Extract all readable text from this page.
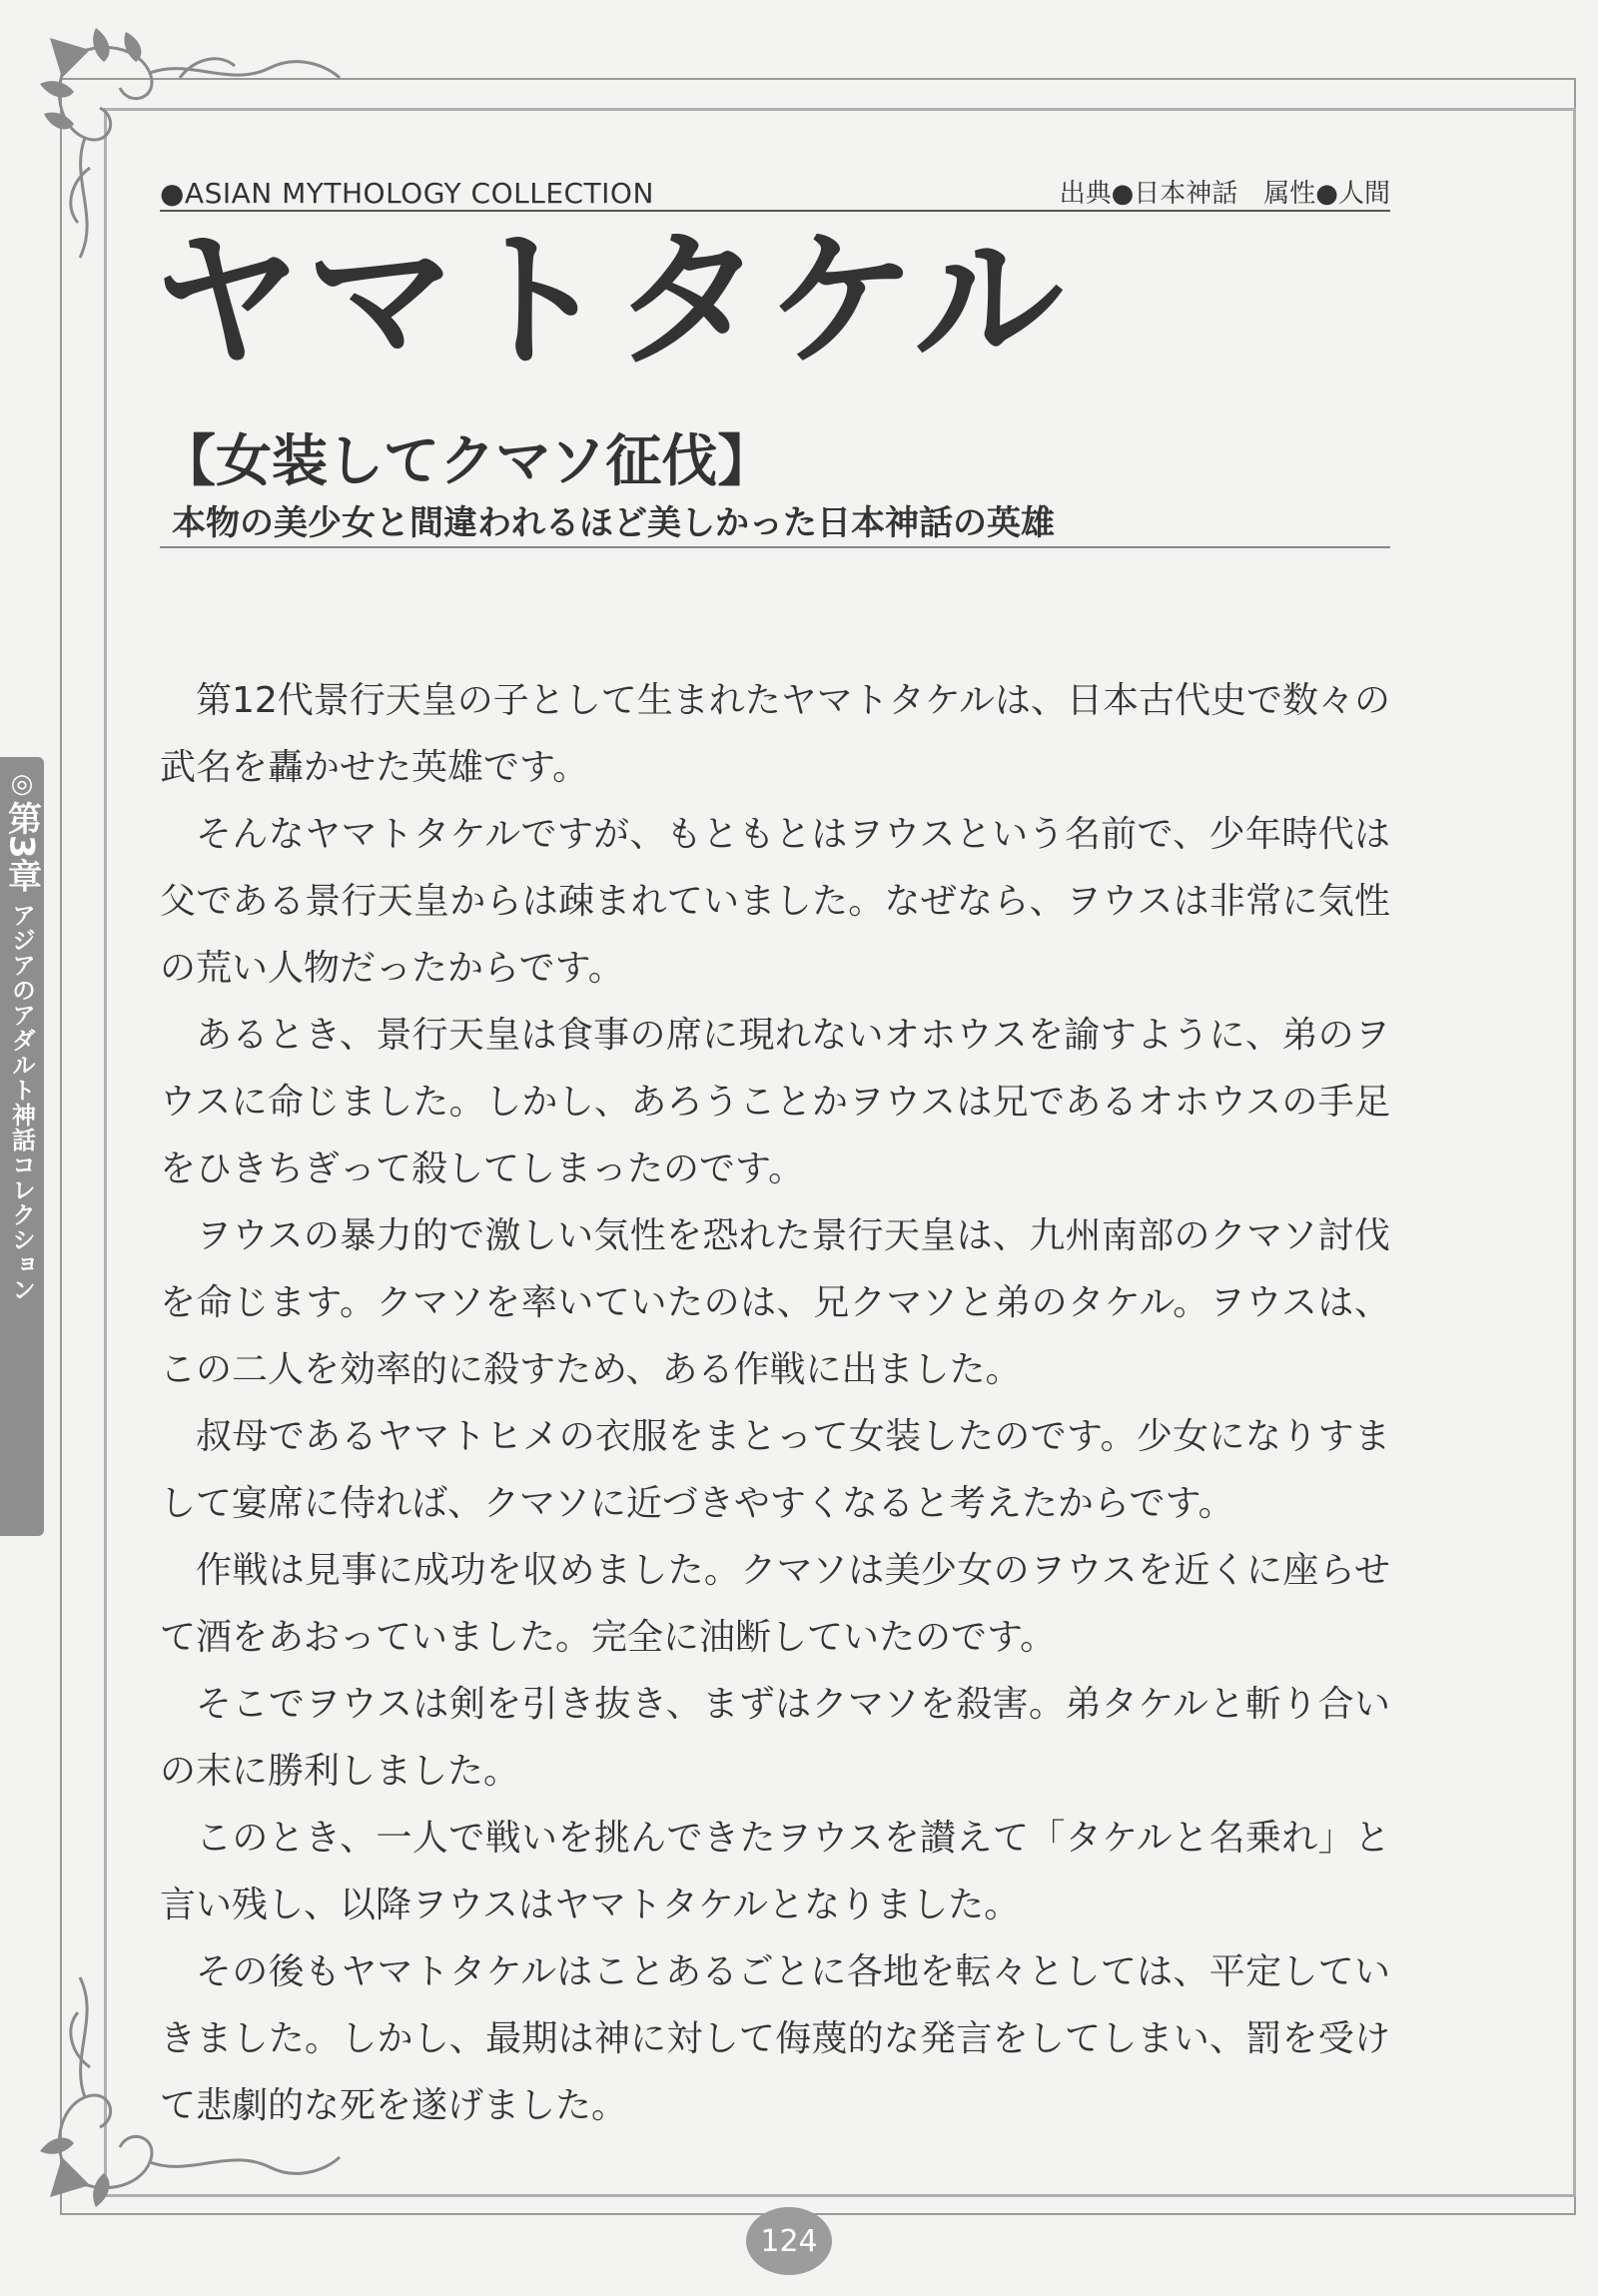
◎
第3章
アジアのアダルト神話コレクション
●ASIAN MYTHOLOGY COLLECTION	出典●日本神話　属性●人間
ヤマトタケル
【女装してクマソ征伐】
本物の美少女と間違われるほど美しかった日本神話の英雄

第12代景行天皇の子として生まれたヤマトタケルは、日本古代史で数々の武名を轟かせた英雄です。

そんなヤマトタケルですが、もともとはヲウスという名前で、少年時代は父である景行天皇からは疎まれていました。なぜなら、ヲウスは非常に気性の荒い人物だったからです。

あるとき、景行天皇は食事の席に現れないオホウスを諭すように、弟のヲウスに命じました。しかし、あろうことかヲウスは兄であるオホウスの手足をひきちぎって殺してしまったのです。

ヲウスの暴力的で激しい気性を恐れた景行天皇は、九州南部のクマソ討伐を命じます。クマソを率いていたのは、兄クマソと弟のタケル。ヲウスは、この二人を効率的に殺すため、ある作戦に出ました。

叔母であるヤマトヒメの衣服をまとって女装したのです。少女になりすまして宴席に侍れば、クマソに近づきやすくなると考えたからです。

作戦は見事に成功を収めました。クマソは美少女のヲウスを近くに座らせて酒をあおっていました。完全に油断していたのです。

そこでヲウスは剣を引き抜き、まずはクマソを殺害。弟タケルと斬り合いの末に勝利しました。

このとき、一人で戦いを挑んできたヲウスを讃えて「タケルと名乗れ」と言い残し、以降ヲウスはヤマトタケルとなりました。

その後もヤマトタケルはことあるごとに各地を転々としては、平定していきました。しかし、最期は神に対して侮蔑的な発言をしてしまい、罰を受けて悲劇的な死を遂げました。

124
